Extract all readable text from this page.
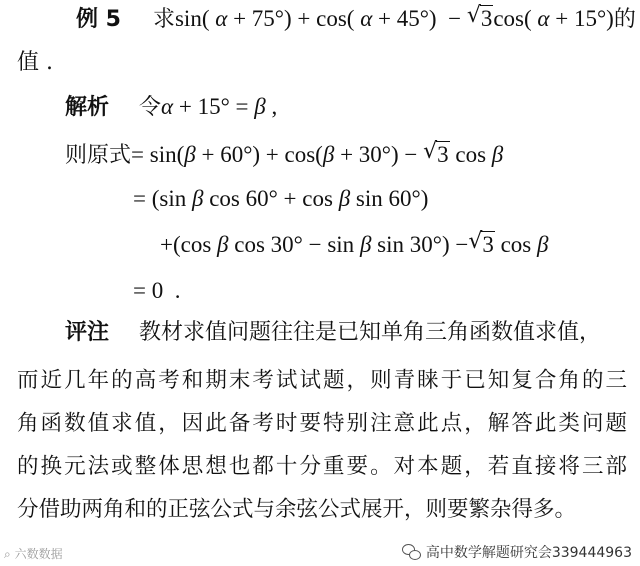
例 5 求sin( α + 75°) + cos( α + 45°)  − √ 3cos( α + 15°)的
值 .
解析 令α + 15° = β ,
则原式= sin(β + 60°) + cos(β + 30°) − √ 3 cos β
= (sin β cos 60° + cos β sin 60°)
+(cos β cos 30° − sin β sin 30°) − √ 3 cos β
= 0  .
评注 教材求值问题往往是已知单角三角函数值求值，
而近几年的高考和期末考试试题，则青睐于已知复合角的三
角函数值求值，因此备考时要特别注意此点，解答此类问题
的换元法或整体思想也都十分重要。对本题，若直接将三部
分借助两角和的正弦公式与余弦公式展开，则要繁杂得多。
⌕ 六数数据	高中数学解题研究会339444963
